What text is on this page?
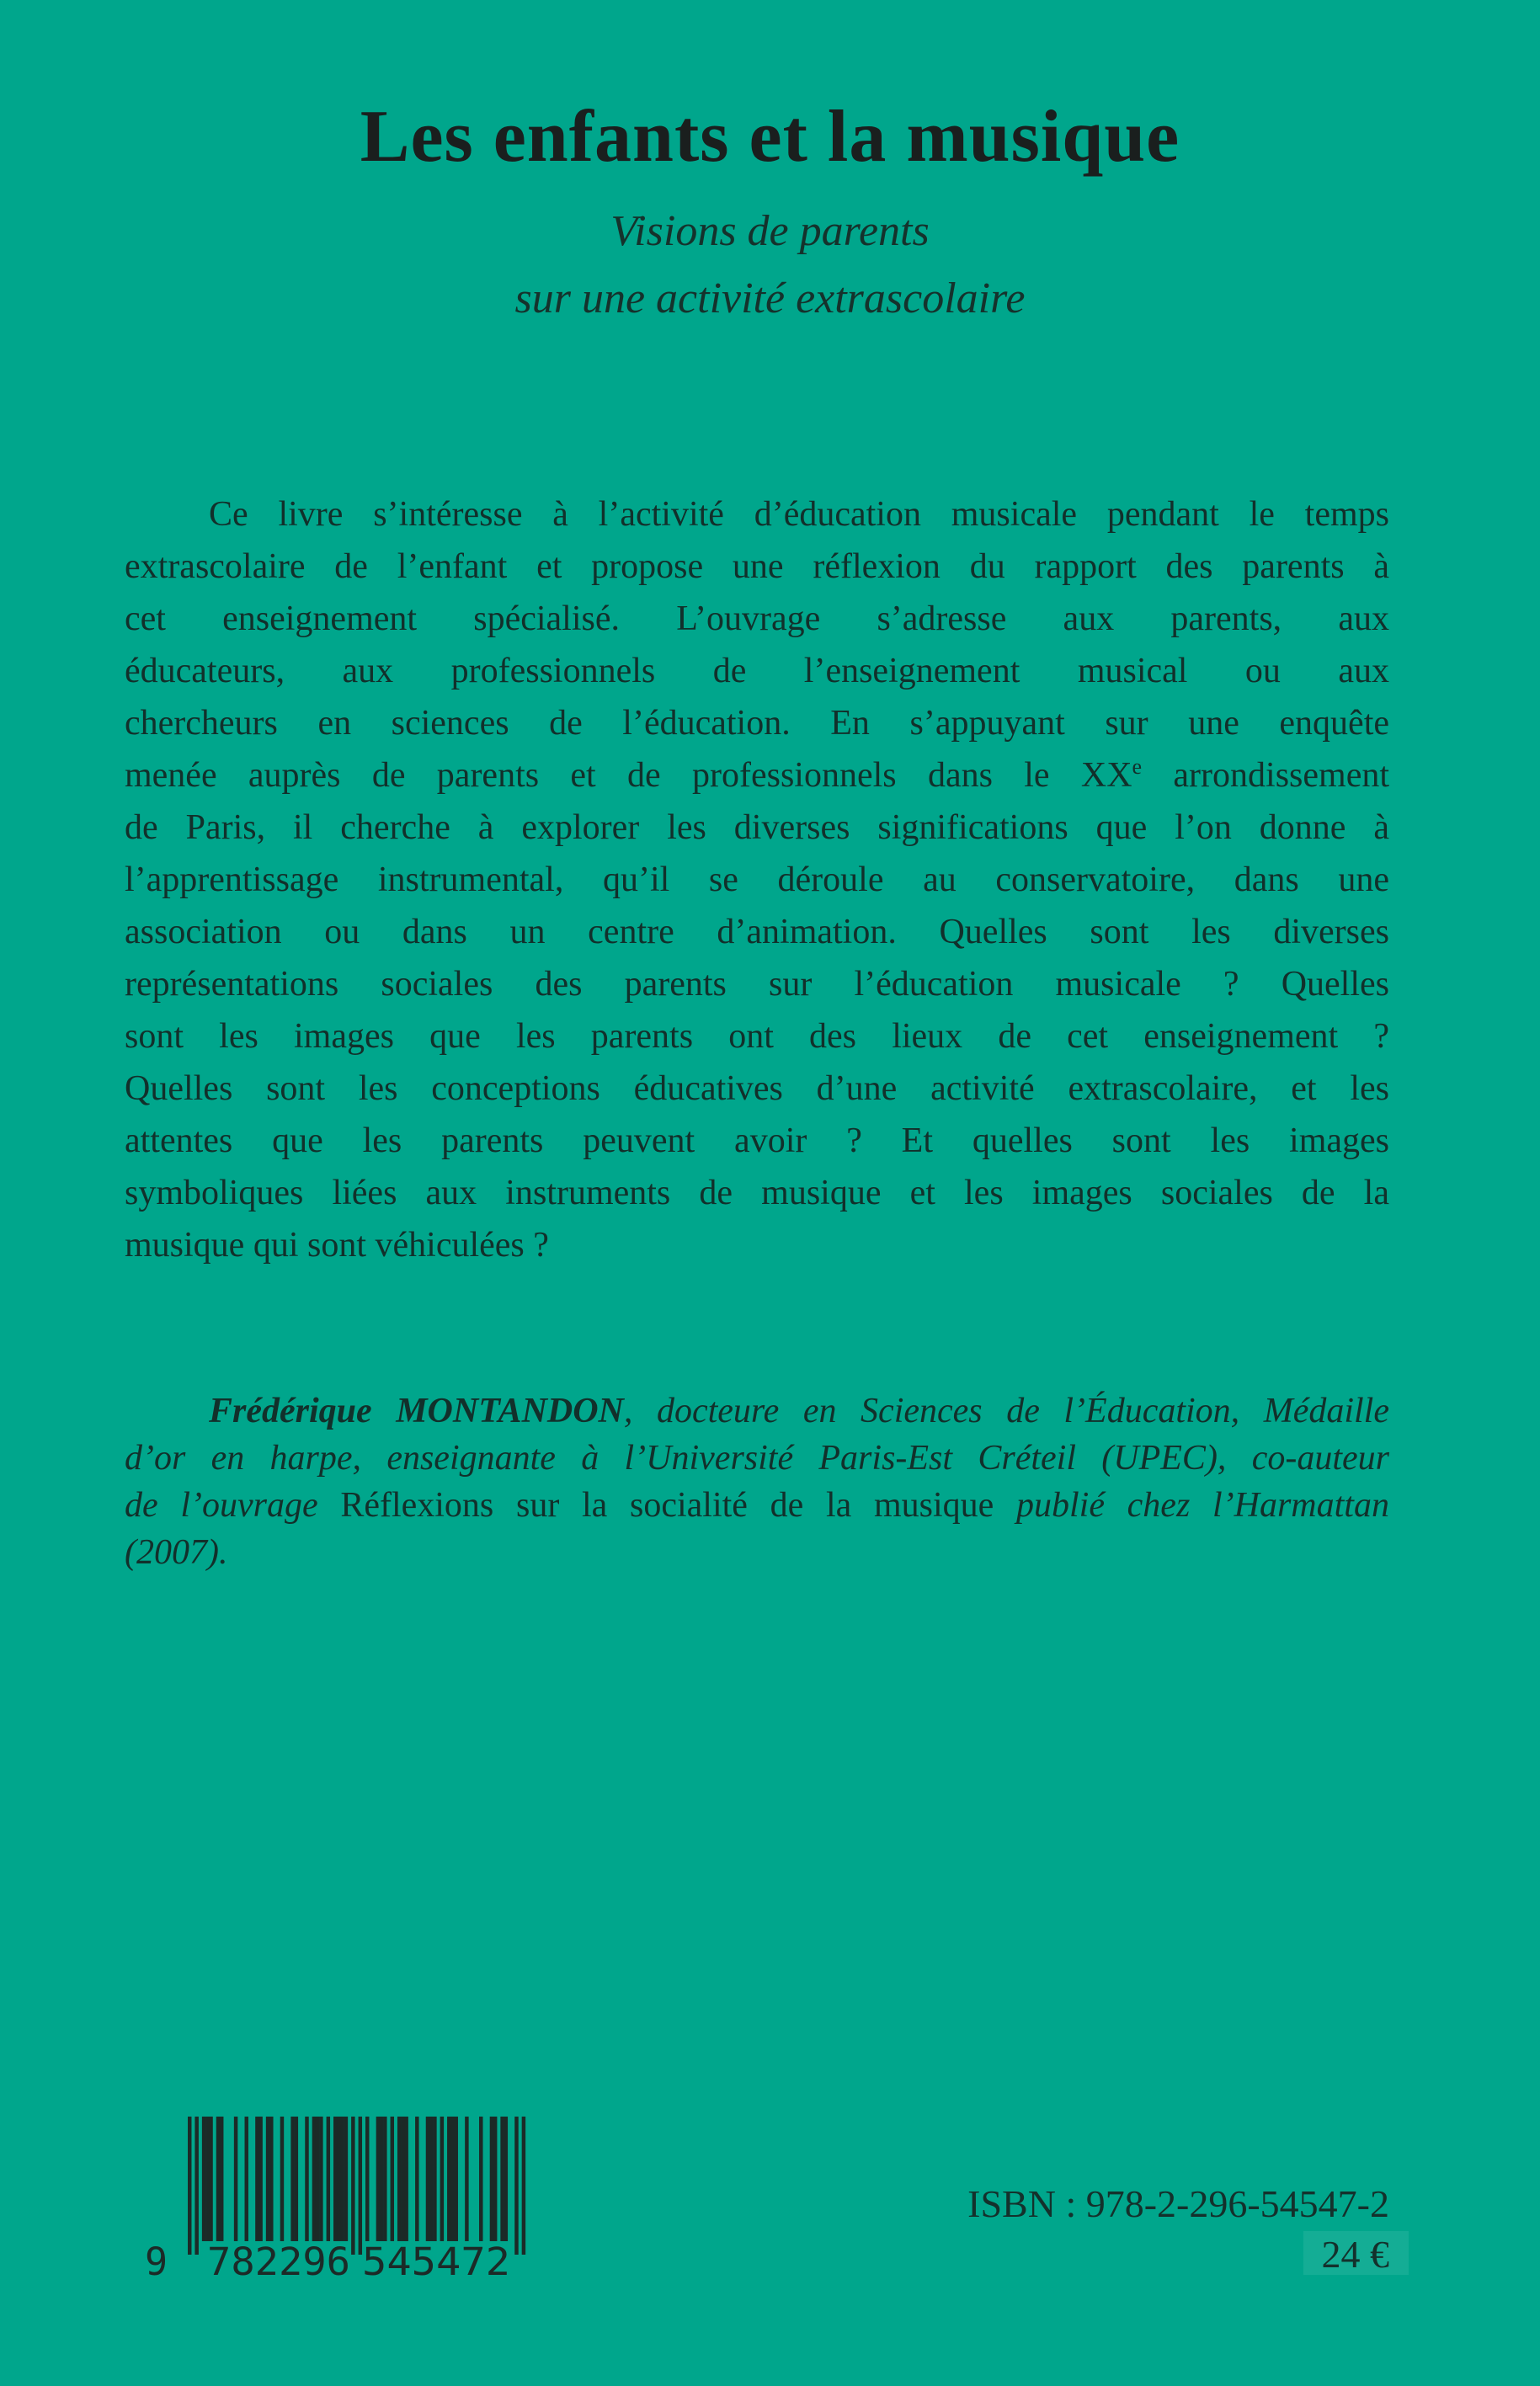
Les enfants et la musique
Visions de parents
sur une activité extrascolaire
Ce livre s’intéresse à l’activité d’éducation musicale pendant le temps
extrascolaire de l’enfant et propose une réflexion du rapport des parents à
cet enseignement spécialisé. L’ouvrage s’adresse aux parents, aux
éducateurs, aux professionnels de l’enseignement musical ou aux
chercheurs en sciences de l’éducation. En s’appuyant sur une enquête
menée auprès de parents et de professionnels dans le XXe arrondissement
de Paris, il cherche à explorer les diverses significations que l’on donne à
l’apprentissage instrumental, qu’il se déroule au conservatoire, dans une
association ou dans un centre d’animation. Quelles sont les diverses
représentations sociales des parents sur l’éducation musicale ? Quelles
sont les images que les parents ont des lieux de cet enseignement ?
Quelles sont les conceptions éducatives d’une activité extrascolaire, et les
attentes que les parents peuvent avoir ? Et quelles sont les images
symboliques liées aux instruments de musique et les images sociales de la
musique qui sont véhiculées ?
Frédérique MONTANDON, docteure en Sciences de l’Éducation, Médaille
d’or en harpe, enseignante à l’Université Paris-Est Créteil (UPEC), co-auteur
de l’ouvrage Réflexions sur la socialité de la musique publié chez l’Harmattan
(2007).
9 782296 545472
ISBN : 978-2-296-54547-2
24 €
